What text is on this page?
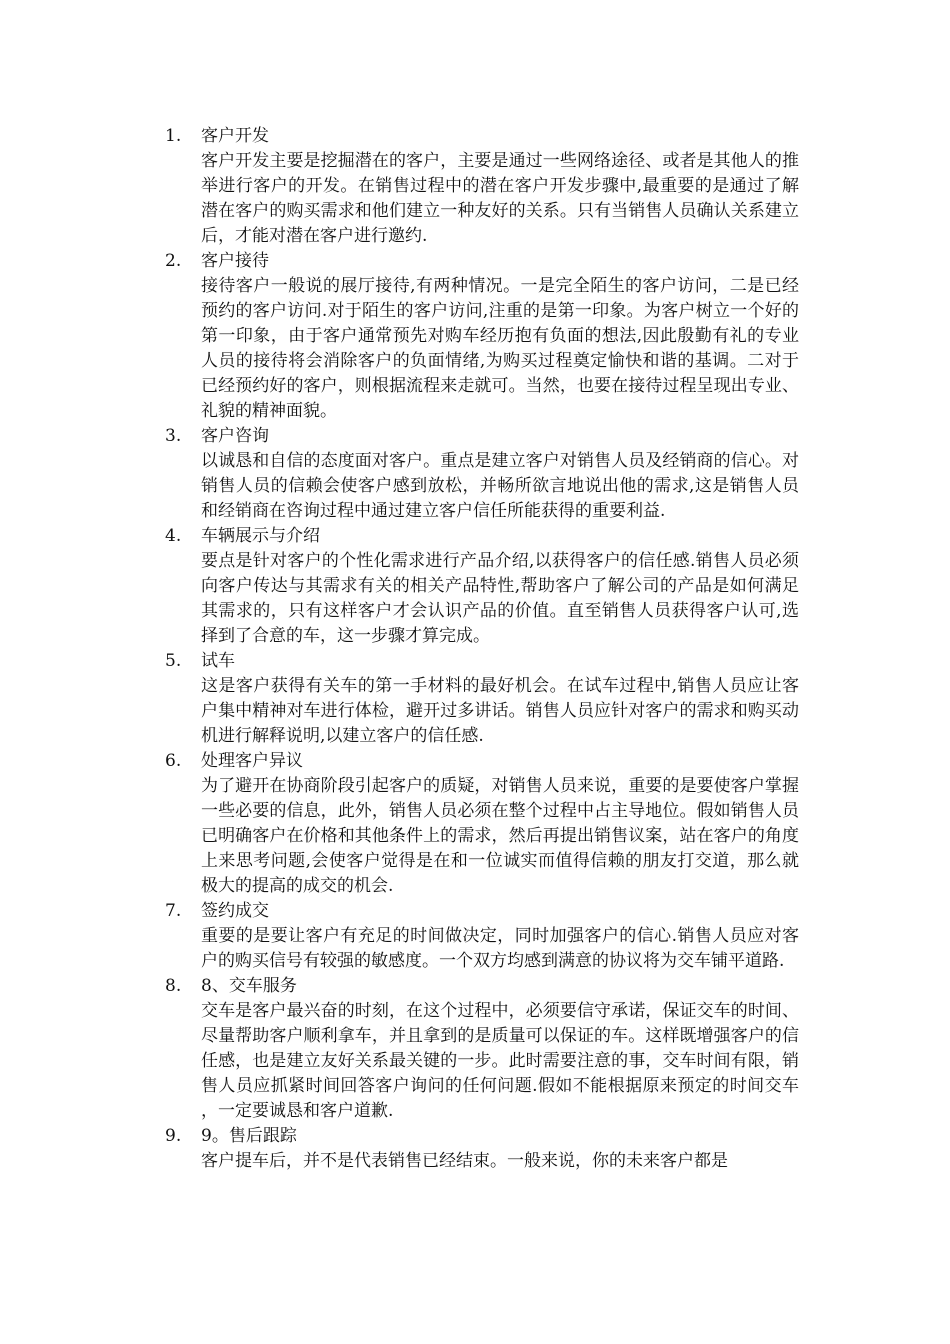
1.	客户开发

客户开发主要是挖掘潜在的客户，主要是通过一些网络途径、或者是其他人的推举进行客户的开发。在销售过程中的潜在客户开发步骤中,最重要的是通过了解潜在客户的购买需求和他们建立一种友好的关系。只有当销售人员确认关系建立后，才能对潜在客户进行邀约.

2.	客户接待

接待客户一般说的展厅接待,有两种情况。一是完全陌生的客户访问，二是已经预约的客户访问.对于陌生的客户访问,注重的是第一印象。为客户树立一个好的第一印象，由于客户通常预先对购车经历抱有负面的想法,因此殷勤有礼的专业人员的接待将会消除客户的负面情绪,为购买过程奠定愉快和谐的基调。二对于已经预约好的客户，则根据流程来走就可。当然，也要在接待过程呈现出专业、礼貌的精神面貌。

3.	客户咨询

以诚恳和自信的态度面对客户。重点是建立客户对销售人员及经销商的信心。对销售人员的信赖会使客户感到放松，并畅所欲言地说出他的需求,这是销售人员和经销商在咨询过程中通过建立客户信任所能获得的重要利益.

4.	车辆展示与介绍

要点是针对客户的个性化需求进行产品介绍,以获得客户的信任感.销售人员必须向客户传达与其需求有关的相关产品特性,帮助客户了解公司的产品是如何满足其需求的，只有这样客户才会认识产品的价值。直至销售人员获得客户认可,选择到了合意的车，这一步骤才算完成。

5.	试车

这是客户获得有关车的第一手材料的最好机会。在试车过程中,销售人员应让客户集中精神对车进行体检，避开过多讲话。销售人员应针对客户的需求和购买动机进行解释说明,以建立客户的信任感.

6.	处理客户异议

为了避开在协商阶段引起客户的质疑，对销售人员来说，重要的是要使客户掌握一些必要的信息，此外，销售人员必须在整个过程中占主导地位。假如销售人员已明确客户在价格和其他条件上的需求，然后再提出销售议案，站在客户的角度上来思考问题,会使客户觉得是在和一位诚实而值得信赖的朋友打交道，那么就极大的提高的成交的机会.

7.	签约成交

重要的是要让客户有充足的时间做决定，同时加强客户的信心.销售人员应对客户的购买信号有较强的敏感度。一个双方均感到满意的协议将为交车铺平道路.

8.	8、交车服务

交车是客户最兴奋的时刻，在这个过程中，必须要信守承诺，保证交车的时间、尽量帮助客户顺利拿车，并且拿到的是质量可以保证的车。这样既增强客户的信任感，也是建立友好关系最关键的一步。此时需要注意的事，交车时间有限，销售人员应抓紧时间回答客户询问的任何问题.假如不能根据原来预定的时间交车，一定要诚恳和客户道歉.

9.	9。售后跟踪

客户提车后，并不是代表销售已经结束。一般来说，你的未来客户都是
